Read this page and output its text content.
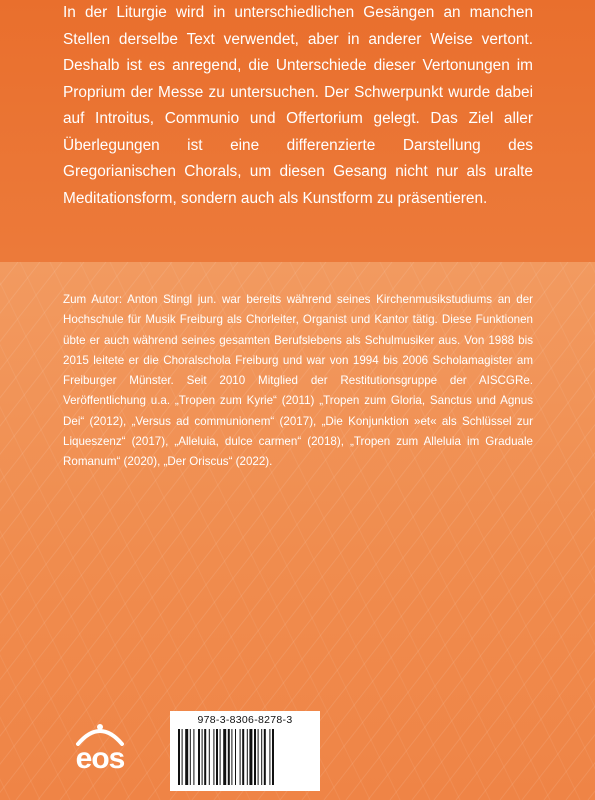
In der Liturgie wird in unterschiedlichen Gesängen an manchen Stellen derselbe Text verwendet, aber in anderer Weise vertont. Deshalb ist es anregend, die Unterschiede dieser Vertonungen im Proprium der Messe zu untersuchen. Der Schwerpunkt wurde dabei auf Introitus, Communio und Offertorium gelegt. Das Ziel aller Überlegungen ist eine differenzierte Darstellung des Gregorianischen Chorals, um diesen Gesang nicht nur als uralte Meditationsform, sondern auch als Kunstform zu präsentieren.

Zum Autor: Anton Stingl jun. war bereits während seines Kirchenmusikstudiums an der Hochschule für Musik Freiburg als Chorleiter, Organist und Kantor tätig. Diese Funktionen übte er auch während seines gesamten Berufslebens als Schulmusiker aus. Von 1988 bis 2015 leitete er die Choralschola Freiburg und war von 1994 bis 2006 Scholamagister am Freiburger Münster. Seit 2010 Mitglied der Restitutionsgruppe der AISCGRe. Veröffentlichung u.a. „Tropen zum Kyrie“ (2011) „Tropen zum Gloria, Sanctus und Agnus Dei“ (2012), „Versus ad communionem“ (2017), „Die Konjunktion »et« als Schlüssel zur Liqueszenz“ (2017), „Alleluia, dulce carmen“ (2018), „Tropen zum Alleluia im Graduale Romanum“ (2020), „Der Oriscus“ (2022).

eos
978-3-8306-8278-3
